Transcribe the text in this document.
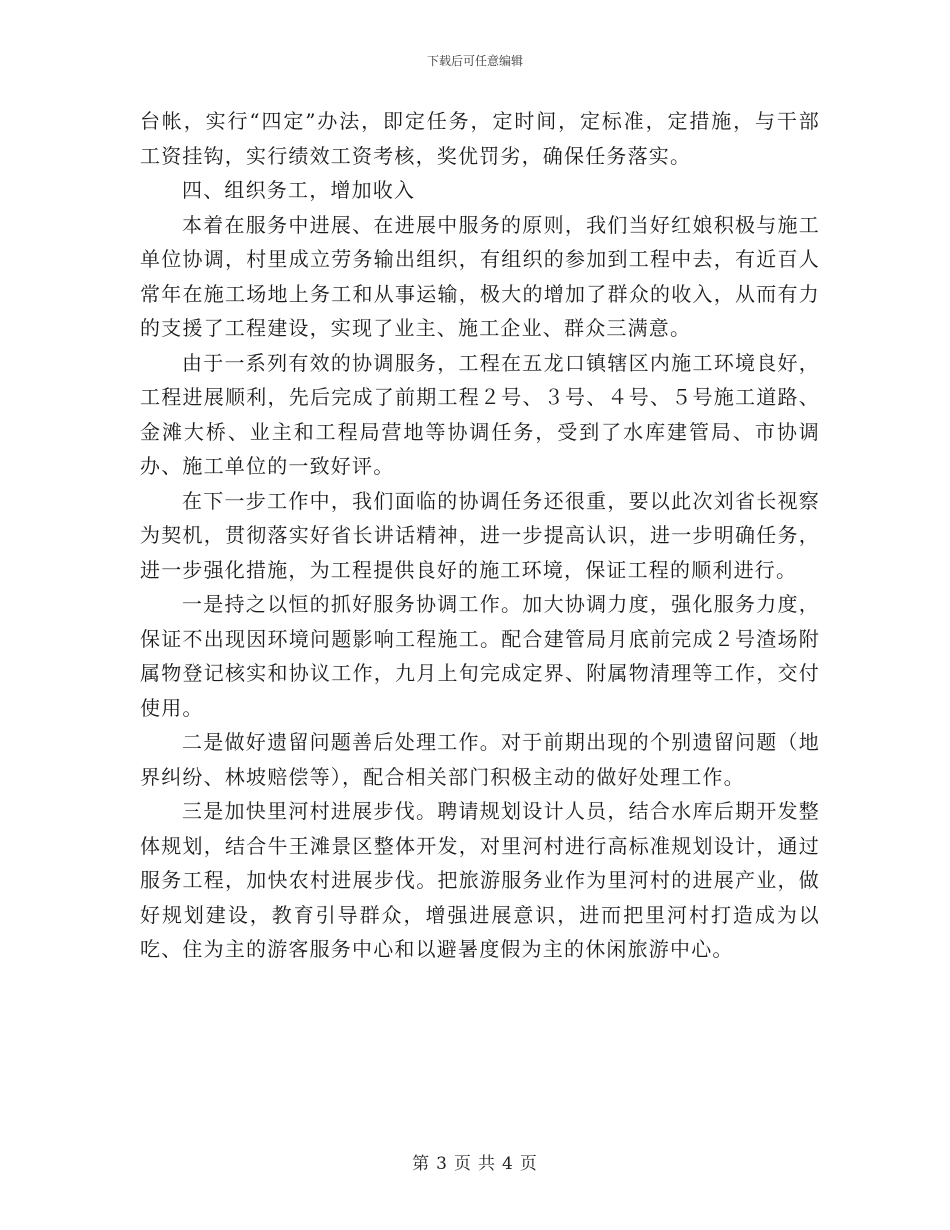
下载后可任意编辑

台帐，实行“四定”办法，即定任务，定时间，定标准，定措施，与干部工资挂钩，实行绩效工资考核，奖优罚劣，确保任务落实。

四、组织务工，增加收入

本着在服务中进展、在进展中服务的原则，我们当好红娘积极与施工单位协调，村里成立劳务输出组织，有组织的参加到工程中去，有近百人常年在施工场地上务工和从事运输，极大的增加了群众的收入，从而有力的支援了工程建设，实现了业主、施工企业、群众三满意。

由于一系列有效的协调服务，工程在五龙口镇辖区内施工环境良好，工程进展顺利，先后完成了前期工程２号、３号、４号、５号施工道路、金滩大桥、业主和工程局营地等协调任务，受到了水库建管局、市协调办、施工单位的一致好评。

在下一步工作中，我们面临的协调任务还很重，要以此次刘省长视察为契机，贯彻落实好省长讲话精神，进一步提高认识，进一步明确任务，进一步强化措施，为工程提供良好的施工环境，保证工程的顺利进行。

一是持之以恒的抓好服务协调工作。加大协调力度，强化服务力度，保证不出现因环境问题影响工程施工。配合建管局月底前完成２号渣场附属物登记核实和协议工作，九月上旬完成定界、附属物清理等工作，交付使用。

二是做好遗留问题善后处理工作。对于前期出现的个别遗留问题（地界纠纷、林坡赔偿等），配合相关部门积极主动的做好处理工作。

三是加快里河村进展步伐。聘请规划设计人员，结合水库后期开发整体规划，结合牛王滩景区整体开发，对里河村进行高标准规划设计，通过服务工程，加快农村进展步伐。把旅游服务业作为里河村的进展产业，做好规划建设，教育引导群众，增强进展意识，进而把里河村打造成为以吃、住为主的游客服务中心和以避暑度假为主的休闲旅游中心。

第 3 页 共 4 页
